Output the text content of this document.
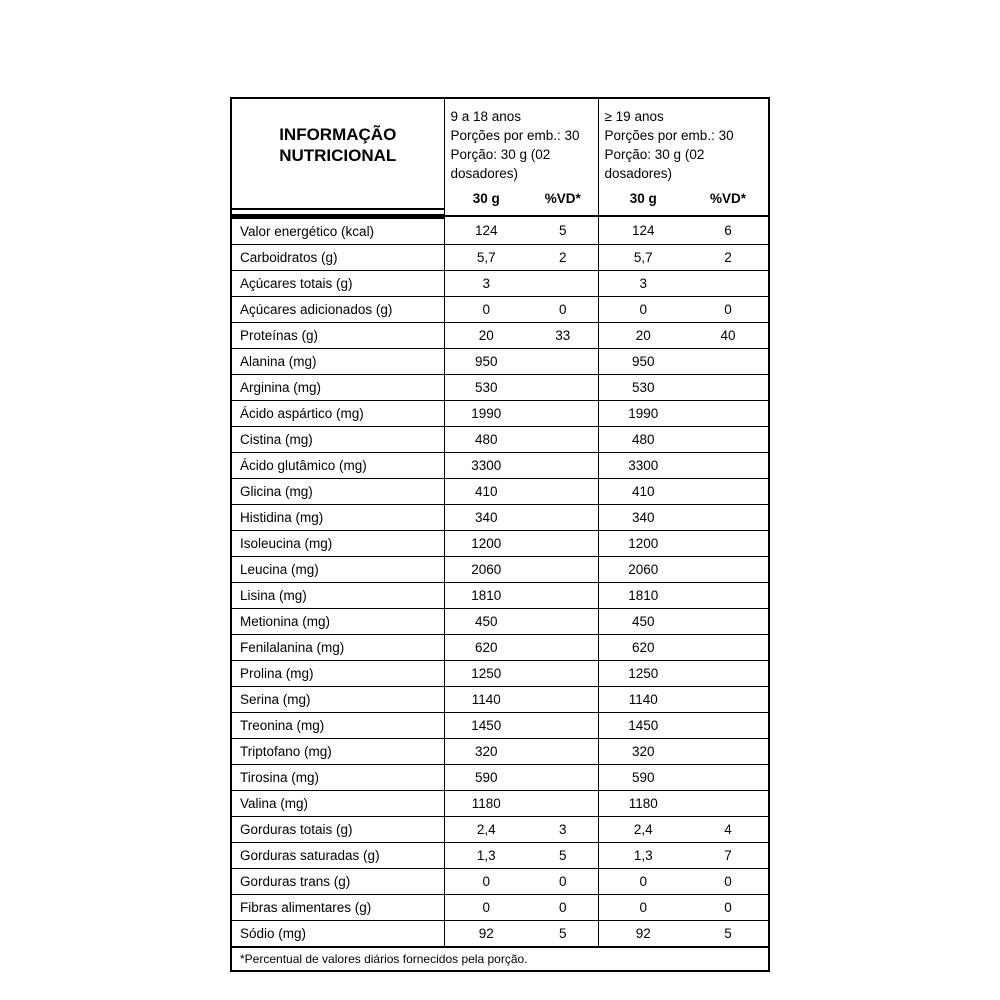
INFORMAÇÃO
NUTRICIONAL

9 a 18 anos
Porções por emb.: 30
Porção: 30 g (02
dosadores)

≥ 19 anos
Porções por emb.: 30
Porção: 30 g (02
dosadores)

	30 g	%VD*	30 g	%VD*

Valor energético (kcal)	124	5	124	6
Carboidratos (g)	5,7	2	5,7	2
Açúcares totais (g)	3		3	
Açúcares adicionados (g)	0	0	0	0
Proteínas (g)	20	33	20	40
Alanina (mg)	950		950	
Arginina (mg)	530		530	
Ácido aspártico (mg)	1990		1990	
Cistina (mg)	480		480	
Ácido glutâmico (mg)	3300		3300	
Glicina (mg)	410		410	
Histidina (mg)	340		340	
Isoleucina (mg)	1200		1200	
Leucina (mg)	2060		2060	
Lisina (mg)	1810		1810	
Metionina (mg)	450		450	
Fenilalanina (mg)	620		620	
Prolina (mg)	1250		1250	
Serina (mg)	1140		1140	
Treonina (mg)	1450		1450	
Triptofano (mg)	320		320	
Tirosina (mg)	590		590	
Valina (mg)	1180		1180	
Gorduras totais (g)	2,4	3	2,4	4
Gorduras saturadas (g)	1,3	5	1,3	7
Gorduras trans (g)	0	0	0	0
Fibras alimentares (g)	0	0	0	0
Sódio (mg)	92	5	92	5
*Percentual de valores diários fornecidos pela porção.				
